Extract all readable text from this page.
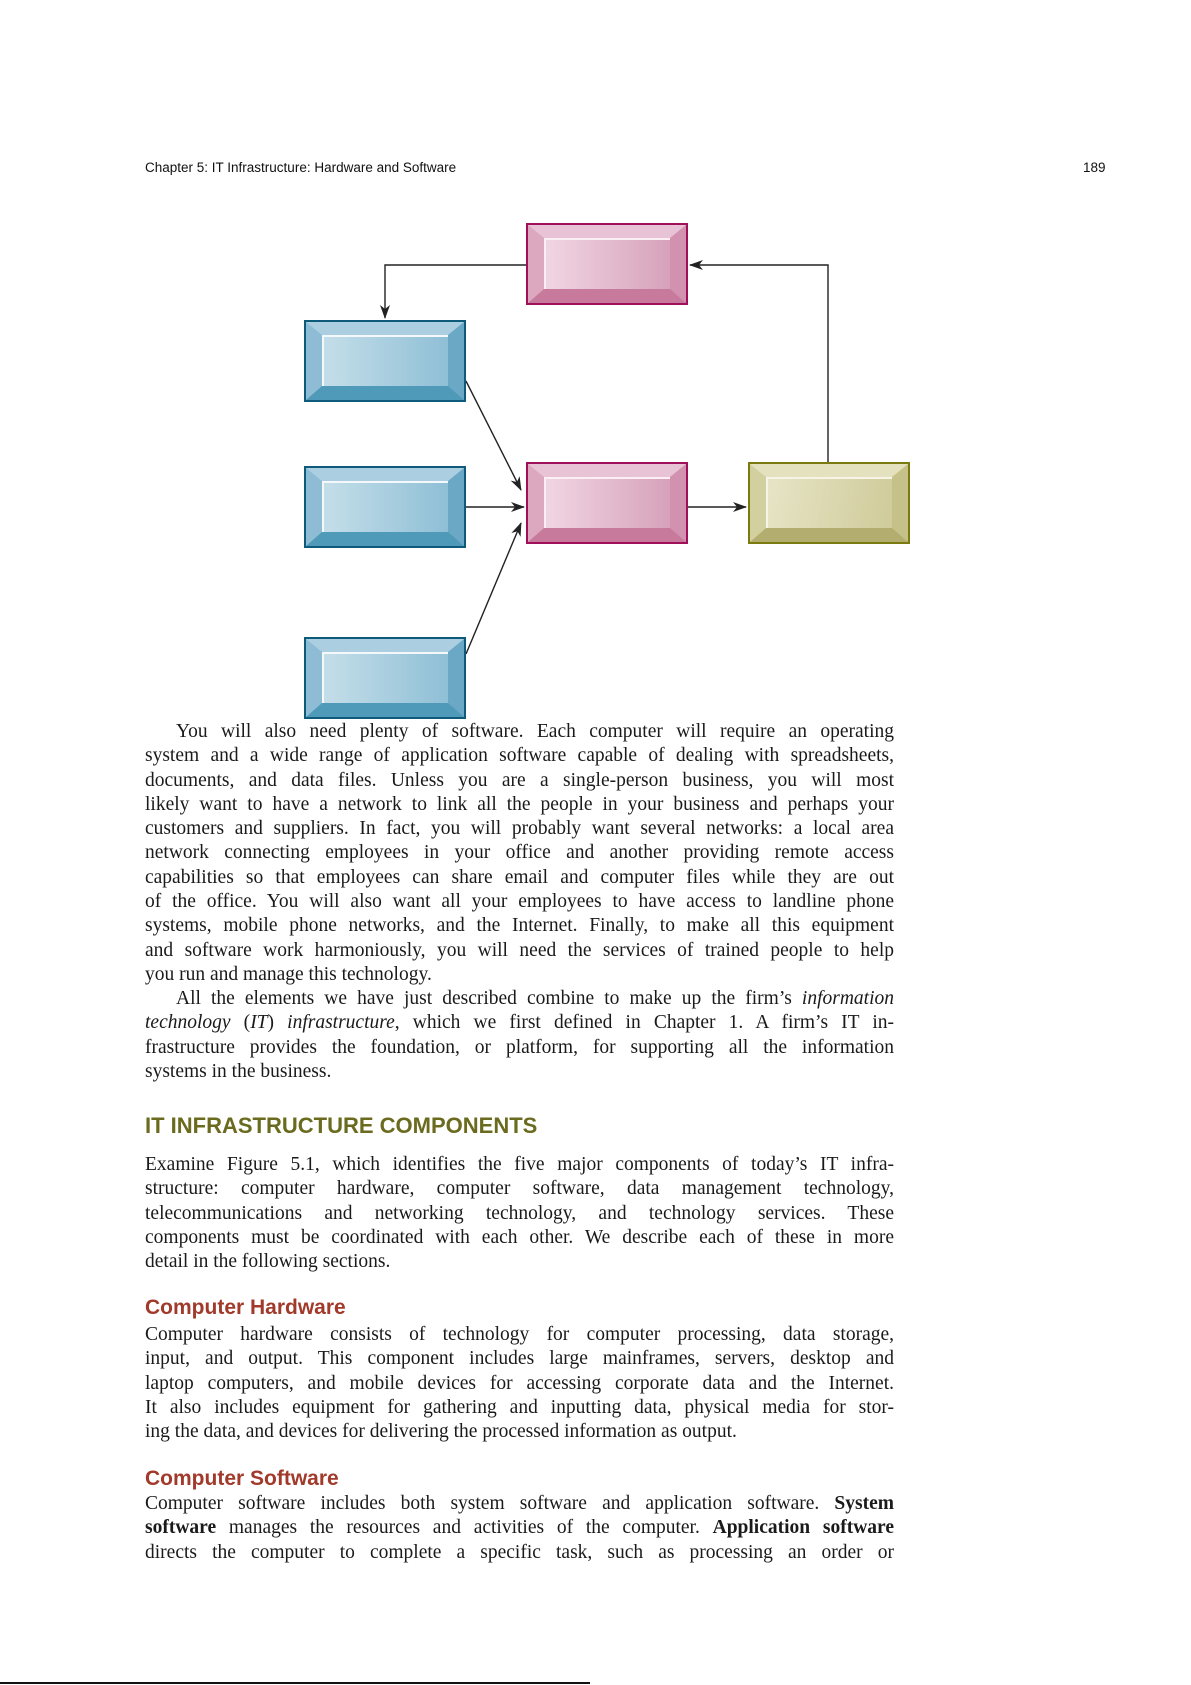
Chapter 5: IT Infrastructure: Hardware and Software	189
You will also need plenty of software. Each computer will require an operating
system and a wide range of application software capable of dealing with spreadsheets,
documents, and data files. Unless you are a single-person business, you will most
likely want to have a network to link all the people in your business and perhaps your
customers and suppliers. In fact, you will probably want several networks: a local area
network connecting employees in your office and another providing remote access
capabilities so that employees can share email and computer files while they are out
of the office. You will also want all your employees to have access to landline phone
systems, mobile phone networks, and the Internet. Finally, to make all this equipment
and software work harmoniously, you will need the services of trained people to help
you run and manage this technology.
All the elements we have just described combine to make up the firm’s information
technology (IT) infrastructure, which we first defined in Chapter 1. A firm’s IT in-
frastructure provides the foundation, or platform, for supporting all the information
systems in the business.
IT INFRASTRUCTURE COMPONENTS
Examine Figure 5.1, which identifies the five major components of today’s IT infra-
structure: computer hardware, computer software, data management technology,
telecommunications and networking technology, and technology services. These
components must be coordinated with each other. We describe each of these in more
detail in the following sections.
Computer Hardware
Computer hardware consists of technology for computer processing, data storage,
input, and output. This component includes large mainframes, servers, desktop and
laptop computers, and mobile devices for accessing corporate data and the Internet.
It also includes equipment for gathering and inputting data, physical media for stor-
ing the data, and devices for delivering the processed information as output.
Computer Software
Computer software includes both system software and application software. System
software manages the resources and activities of the computer. Application software
directs the computer to complete a specific task, such as processing an order or
